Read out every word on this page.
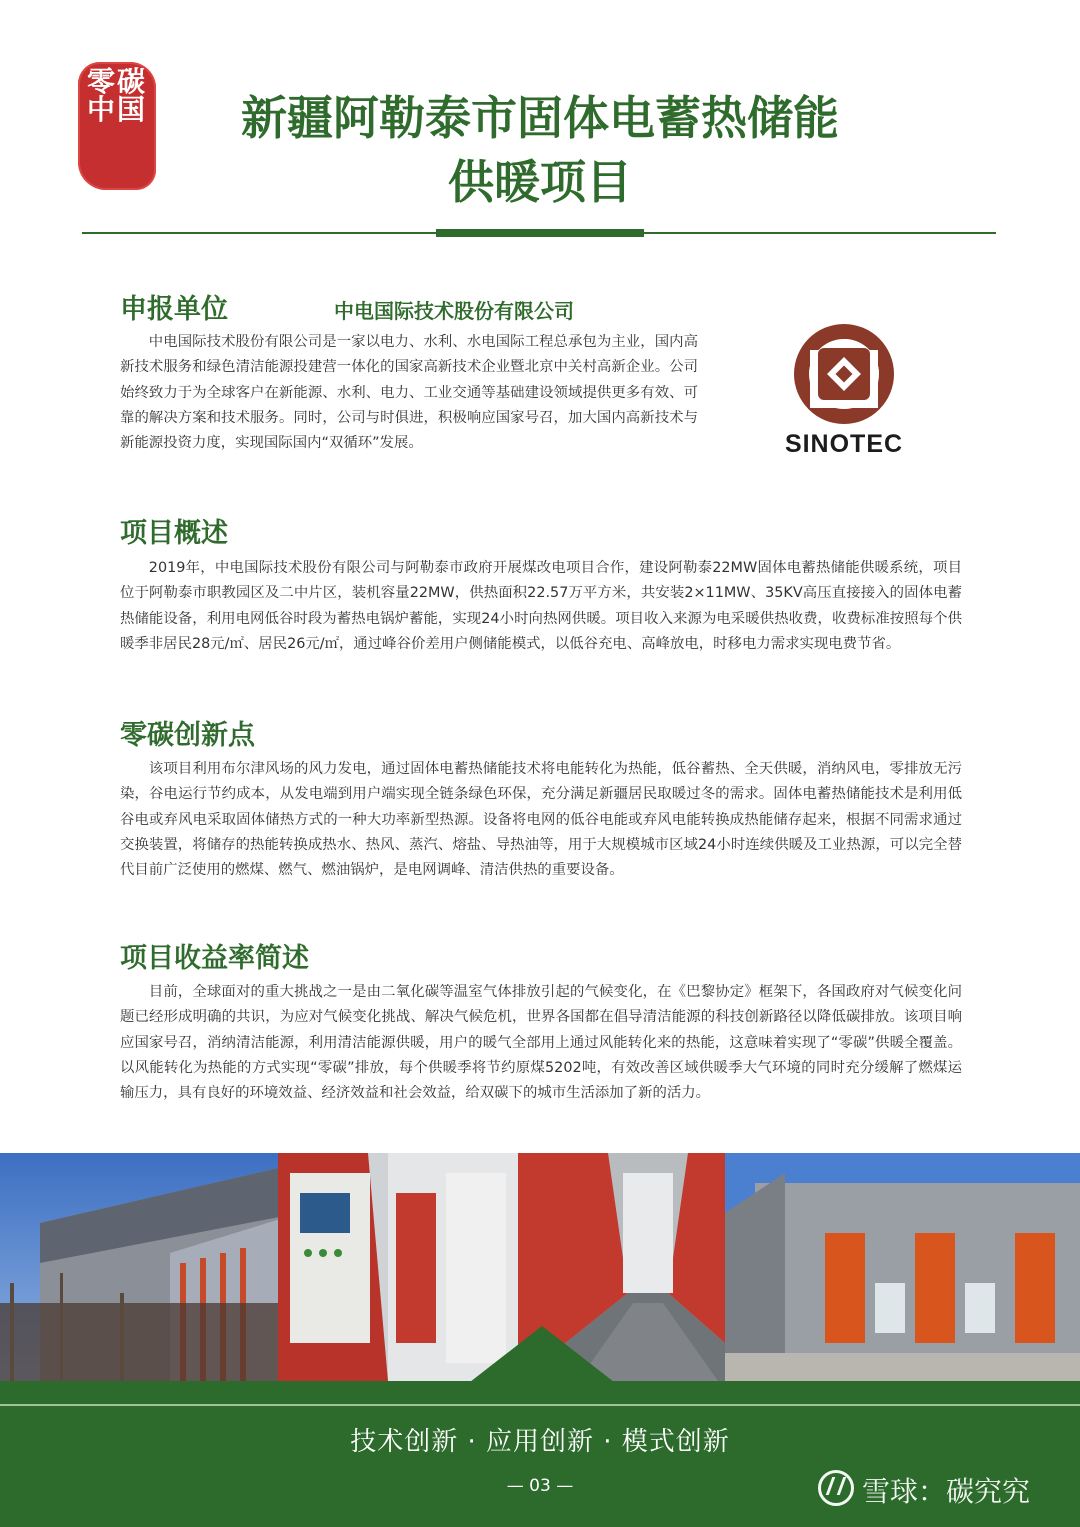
零碳中国	新疆阿勒泰市固体电蓄热储能
供暖项目
申报单位	中电国际技术股份有限公司
中电国际技术股份有限公司是一家以电力、水利、水电国际工程总承包为主业，国内高新技术服务和绿色清洁能源投建营一体化的国家高新技术企业暨北京中关村高新企业。公司始终致力于为全球客户在新能源、水利、电力、工业交通等基础建设领域提供更多有效、可靠的解决方案和技术服务。同时，公司与时俱进，积极响应国家号召，加大国内高新技术与新能源投资力度，实现国际国内“双循环”发展。	SINOTEC
项目概述
2019年，中电国际技术股份有限公司与阿勒泰市政府开展煤改电项目合作，建设阿勒泰22MW固体电蓄热储能供暖系统，项目位于阿勒泰市职教园区及二中片区，装机容量22MW，供热面积22.57万平方米，共安装2×11MW、35KV高压直接接入的固体电蓄热储能设备，利用电网低谷时段为蓄热电锅炉蓄能，实现24小时向热网供暖。项目收入来源为电采暖供热收费，收费标准按照每个供暖季非居民28元/㎡、居民26元/㎡，通过峰谷价差用户侧储能模式，以低谷充电、高峰放电，时移电力需求实现电费节省。
零碳创新点
该项目利用布尔津风场的风力发电，通过固体电蓄热储能技术将电能转化为热能，低谷蓄热、全天供暖，消纳风电，零排放无污染，谷电运行节约成本，从发电端到用户端实现全链条绿色环保，充分满足新疆居民取暖过冬的需求。固体电蓄热储能技术是利用低谷电或弃风电采取固体储热方式的一种大功率新型热源。设备将电网的低谷电能或弃风电能转换成热能储存起来，根据不同需求通过交换装置，将储存的热能转换成热水、热风、蒸汽、熔盐、导热油等，用于大规模城市区域24小时连续供暖及工业热源，可以完全替代目前广泛使用的燃煤、燃气、燃油锅炉，是电网调峰、清洁供热的重要设备。
项目收益率简述
目前，全球面对的重大挑战之一是由二氧化碳等温室气体排放引起的气候变化，在《巴黎协定》框架下，各国政府对气候变化问题已经形成明确的共识，为应对气候变化挑战、解决气候危机，世界各国都在倡导清洁能源的科技创新路径以降低碳排放。该项目响应国家号召，消纳清洁能源，利用清洁能源供暖，用户的暖气全部用上通过风能转化来的热能，这意味着实现了“零碳”供暖全覆盖。以风能转化为热能的方式实现“零碳”排放，每个供暖季将节约原煤5202吨，有效改善区域供暖季大气环境的同时充分缓解了燃煤运输压力，具有良好的环境效益、经济效益和社会效益，给双碳下的城市生活添加了新的活力。
技术创新 · 应用创新 · 模式创新
— 03 —	雪球：碳究究
